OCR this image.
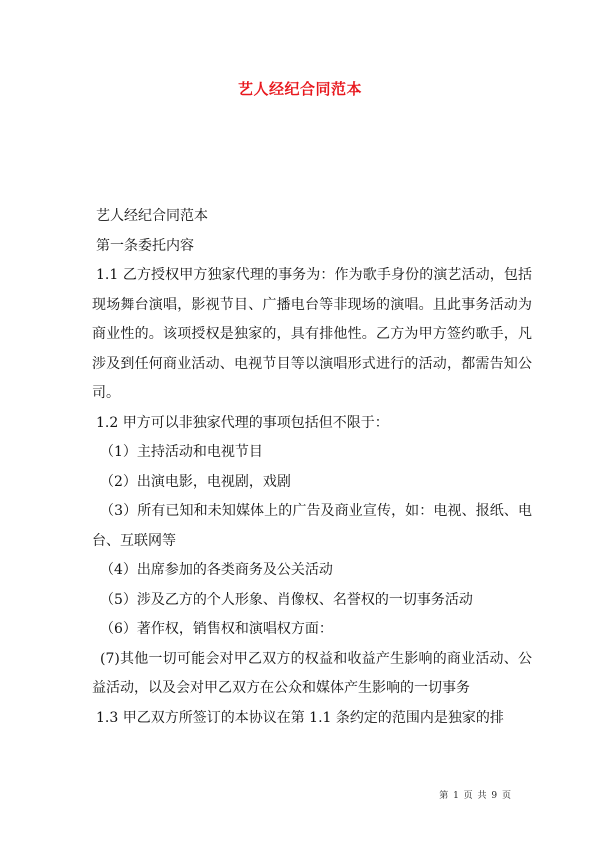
艺人经纪合同范本

艺人经纪合同范本

第一条委托内容

1.1 乙方授权甲方独家代理的事务为：作为歌手身份的演艺活动，包括现场舞台演唱，影视节目、广播电台等非现场的演唱。且此事务活动为商业性的。该项授权是独家的，具有排他性。乙方为甲方签约歌手，凡涉及到任何商业活动、电视节目等以演唱形式进行的活动，都需告知公司。

1.2 甲方可以非独家代理的事项包括但不限于：

（1）主持活动和电视节目

（2）出演电影，电视剧，戏剧

（3）所有已知和未知媒体上的广告及商业宣传，如：电视、报纸、电台、互联网等

（4）出席参加的各类商务及公关活动

（5）涉及乙方的个人形象、肖像权、名誉权的一切事务活动

（6）著作权，销售权和演唱权方面：

(7)其他一切可能会对甲乙双方的权益和收益产生影响的商业活动、公益活动，以及会对甲乙双方在公众和媒体产生影响的一切事务

1.3 甲乙双方所签订的本协议在第 1.1 条约定的范围内是独家的排

第 1 页 共 9 页
